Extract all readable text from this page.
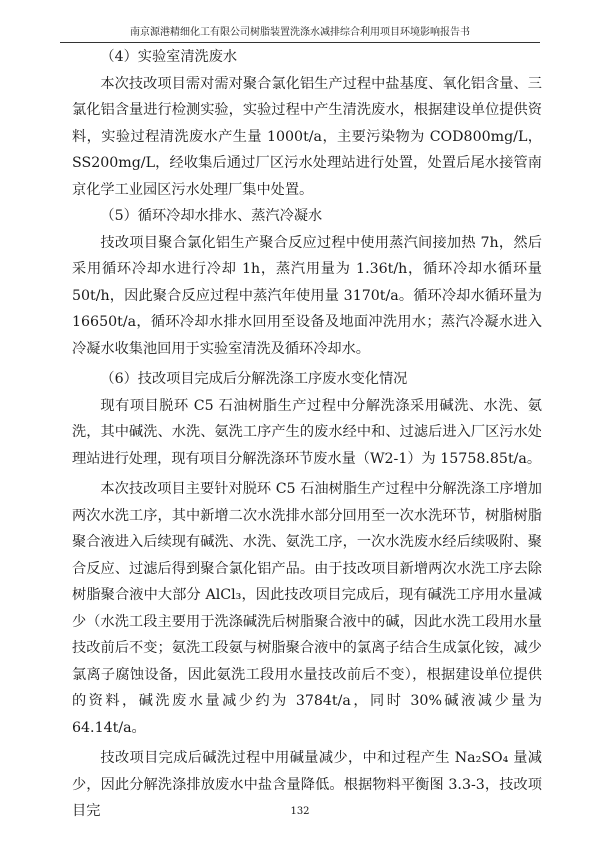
南京源港精细化工有限公司树脂装置洗涤水减排综合利用项目环境影响报告书

（4）实验室清洗废水

本次技改项目需对需对聚合氯化铝生产过程中盐基度、氧化铝含量、三氯化铝含量进行检测实验，实验过程中产生清洗废水，根据建设单位提供资料，实验过程清洗废水产生量 1000t/a，主要污染物为 COD800mg/L，SS200mg/L，经收集后通过厂区污水处理站进行处置，处置后尾水接管南京化学工业园区污水处理厂集中处置。

（5）循环冷却水排水、蒸汽冷凝水

技改项目聚合氯化铝生产聚合反应过程中使用蒸汽间接加热 7h，然后采用循环冷却水进行冷却 1h，蒸汽用量为 1.36t/h，循环冷却水循环量50t/h，因此聚合反应过程中蒸汽年使用量 3170t/a。循环冷却水循环量为16650t/a，循环冷却水排水回用至设备及地面冲洗用水；蒸汽冷凝水进入冷凝水收集池回用于实验室清洗及循环冷却水。

（6）技改项目完成后分解洗涤工序废水变化情况

现有项目脱环 C5 石油树脂生产过程中分解洗涤采用碱洗、水洗、氨洗，其中碱洗、水洗、氨洗工序产生的废水经中和、过滤后进入厂区污水处理站进行处理，现有项目分解洗涤环节废水量（W2-1）为 15758.85t/a。

本次技改项目主要针对脱环 C5 石油树脂生产过程中分解洗涤工序增加两次水洗工序，其中新增二次水洗排水部分回用至一次水洗环节，树脂树脂聚合液进入后续现有碱洗、水洗、氨洗工序，一次水洗废水经后续吸附、聚合反应、过滤后得到聚合氯化铝产品。由于技改项目新增两次水洗工序去除树脂聚合液中大部分 AlCl₃，因此技改项目完成后，现有碱洗工序用水量减少（水洗工段主要用于洗涤碱洗后树脂聚合液中的碱，因此水洗工段用水量技改前后不变；氨洗工段氨与树脂聚合液中的氯离子结合生成氯化铵，减少氯离子腐蚀设备，因此氨洗工段用水量技改前后不变），根据建设单位提供的资料，碱洗废水量减少约为 3784t/a，同时 30%碱液减少量为 64.14t/a。

技改项目完成后碱洗过程中用碱量减少，中和过程产生 Na₂SO₄ 量减少，因此分解洗涤排放废水中盐含量降低。根据物料平衡图 3.3-3，技改项目完	132
